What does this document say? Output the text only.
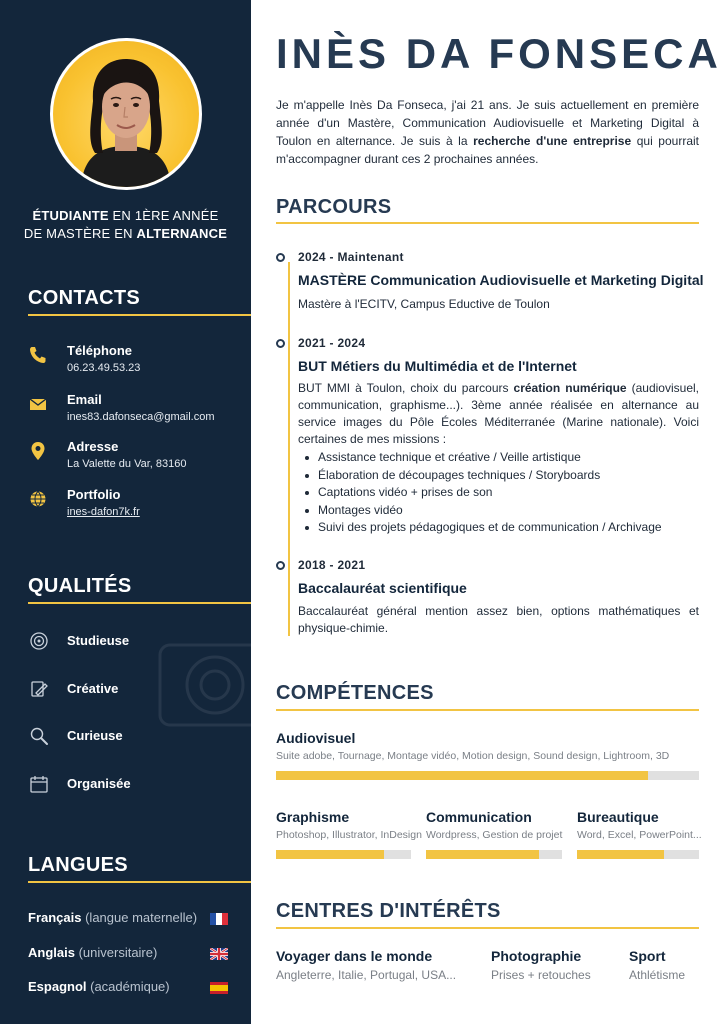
ÉTUDIANTE EN 1ÈRE ANNÉE
DE MASTÈRE EN ALTERNANCE
CONTACTS
Téléphone
06.23.49.53.23
Email
ines83.dafonseca@gmail.com
Adresse
La Valette du Var, 83160
Portfolio
ines-dafon7k.fr
QUALITÉS
Studieuse
Créative
Curieuse
Organisée
LANGUES
Français (langue maternelle)
Anglais (universitaire)
Espagnol (académique)
INÈS DA FONSECA
Je m'appelle Inès Da Fonseca, j'ai 21 ans. Je suis actuellement en première année d'un Mastère, Communication Audiovisuelle et Marketing Digital à Toulon en alternance. Je suis à la recherche d'une entreprise qui pourrait m'accompagner durant ces 2 prochaines années.
PARCOURS
2024 - Maintenant
MASTÈRE Communication Audiovisuelle et Marketing Digital
Mastère à l'ECITV, Campus Eductive de Toulon
2021 - 2024
BUT Métiers du Multimédia et de l'Internet
BUT MMI à Toulon, choix du parcours création numérique (audiovisuel, communication, graphisme...). 3ème année réalisée en alternance au service images du Pôle Écoles Méditerranée (Marine nationale). Voici certaines de mes missions :
Assistance technique et créative / Veille artistique
Élaboration de découpages techniques / Storyboards
Captations vidéo + prises de son
Montages vidéo
Suivi des projets pédagogiques et de communication / Archivage
2018 - 2021
Baccalauréat scientifique
Baccalauréat général mention assez bien, options mathématiques et physique-chimie.
COMPÉTENCES
Audiovisuel
Suite adobe, Tournage, Montage vidéo, Motion design, Sound design, Lightroom, 3D
Graphisme
Photoshop, Illustrator, InDesign
Communication
Wordpress, Gestion de projet
Bureautique
Word, Excel, PowerPoint...
CENTRES D'INTÉRÊTS
Voyager dans le monde
Angleterre, Italie, Portugal, USA...
Photographie
Prises + retouches
Sport
Athlétisme
